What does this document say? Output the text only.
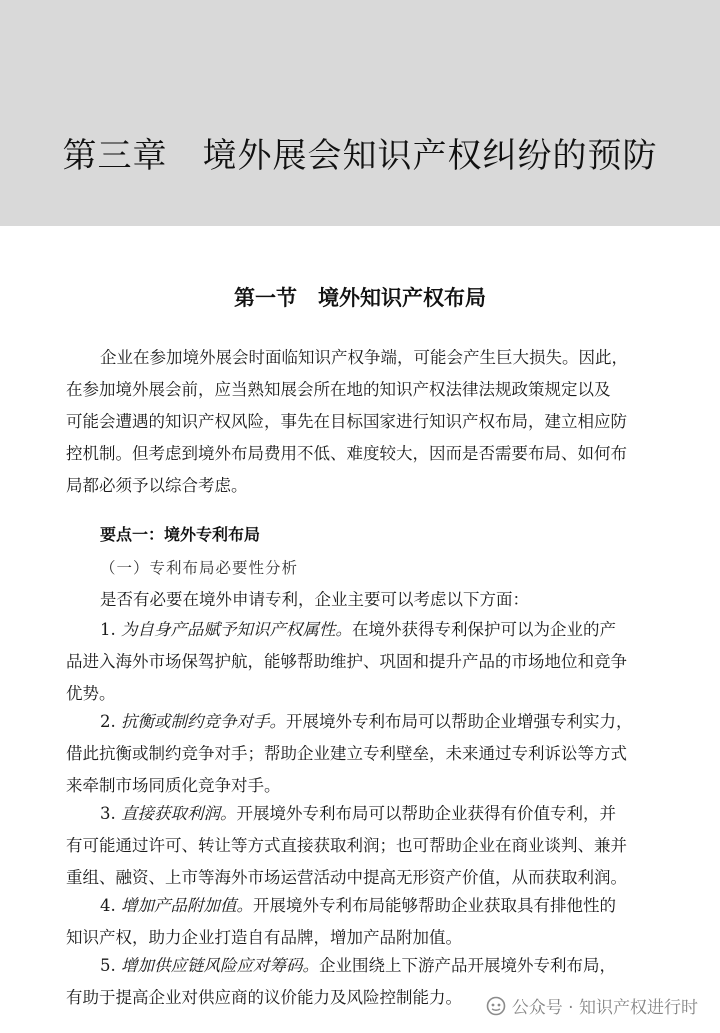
第三章　境外展会知识产权纠纷的预防
第一节　境外知识产权布局
企业在参加境外展会时面临知识产权争端，可能会产生巨大损失。因此，
在参加境外展会前，应当熟知展会所在地的知识产权法律法规政策规定以及
可能会遭遇的知识产权风险，事先在目标国家进行知识产权布局，建立相应防
控机制。但考虑到境外布局费用不低、难度较大，因而是否需要布局、如何布
局都必须予以综合考虑。
要点一：境外专利布局
（一）专利布局必要性分析
是否有必要在境外申请专利，企业主要可以考虑以下方面：
1. 为自身产品赋予知识产权属性。在境外获得专利保护可以为企业的产
品进入海外市场保驾护航，能够帮助维护、巩固和提升产品的市场地位和竞争
优势。
2. 抗衡或制约竞争对手。开展境外专利布局可以帮助企业增强专利实力，
借此抗衡或制约竞争对手；帮助企业建立专利壁垒，未来通过专利诉讼等方式
来牵制市场同质化竞争对手。
3. 直接获取利润。开展境外专利布局可以帮助企业获得有价值专利，并
有可能通过许可、转让等方式直接获取利润；也可帮助企业在商业谈判、兼并
重组、融资、上市等海外市场运营活动中提高无形资产价值，从而获取利润。
4. 增加产品附加值。开展境外专利布局能够帮助企业获取具有排他性的
知识产权，助力企业打造自有品牌，增加产品附加值。
5. 增加供应链风险应对筹码。企业围绕上下游产品开展境外专利布局，
有助于提高企业对供应商的议价能力及风险控制能力。
公众号 · 知识产权进行时
